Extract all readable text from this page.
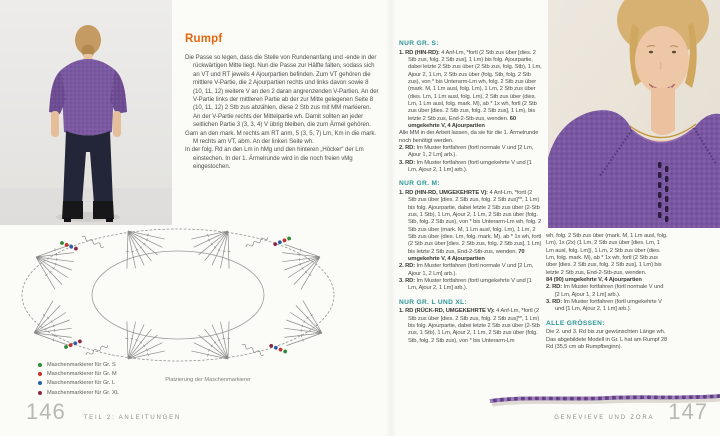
Rumpf

Die Passe so legen, dass die Stelle von Rundenanfang und -ende in der rückwärtigen Mitte liegt. Nun die Passe zur Hälfte falten, sodass sich an VT und RT jeweils 4 Ajourpartien befinden. Zum VT gehören die mittlere V-Partie, die 2 Ajourpartien rechts und links davon sowie 8 (10, 11, 12) weitere V an den 2 daran angrenzenden V-Partien. An der V-Partie links der mittleren Partie ab der zur Mitte gelegenen Seite 8 (10, 11, 12) 2 Stb zus abzählen, diese 2 Stb zus mit MM markieren. An der V-Partie rechts der Mittelpartie wh. Damit sollten an jeder seitlichen Partie 3 (3, 3, 4) V übrig bleiben, die zum Ärmel gehören.

Garn an den mark. M rechts am RT anm, 5 (3, 5, 7) Lm, Km in die mark. M rechts am VT, abm. An der linken Seite wh.

In der folg. Rd an den Lm in hMg und den hinteren „Höcker“ der Lm einstechen. In der 1. Ärmelrunde wird in die noch freien vMg eingestochen.

Maschenmarkierer für Gr. S
Maschenmarkierer für Gr. M
Maschenmarkierer für Gr. L
Maschenmarkierer für Gr. XL
Platzierung der Maschenmarkierer
146	TEIL 2: ANLEITUNGEN
NUR GR. S:

1. RD (HIN-RD): 4 Anf-Lm, *fortl (2 Stb zus über [dies. 2 Stb zus, folg. 2 Stb zus], 1 Lm) bis folg. Ajourpartie, dabei letzte 2 Stb zus über (2 Stb zus, folg. Stb), 1 Lm, Ajour 2, 1 Lm, 2 Stb zus über (folg. Stb, folg. 2 Stb zus), von * bis Unterarm-Lm wh, folg. 2 Stb zus über (mark. M, 1 Lm ausl, folg. Lm), 1 Lm, 2 Stb zus über (dies. Lm, 1 Lm ausl, folg. Lm), 2 Stb zus über (dies. Lm, 1 Lm ausl, folg. mark. M), ab * 1x wh, fortl (2 Stb zus über [dies. 2 Stb zus, folg. 2 Stb zus], 1 Lm), bis letzte 2 Stb zus, End-2-Stb-zus, wenden. 60 umgekehrte V, 4 Ajourpartien

Alle MM in der Arbeit lassen, da sie für die 1. Ärmelrunde noch benötigt werden.

2. RD: Im Muster fortfahren (fortl normale V und [2 Lm, Ajour 1, 2 Lm] arb.).

3. RD: Im Muster fortfahren (fortl umgekehrte V und [1 Lm, Ajour 2, 1 Lm] arb.).

NUR GR. M:

1. RD (HIN-RD, UMGEKEHRTE V): 4 Anf-Lm, *fortl (2 Stb zus über [dies. 2 Stb zus, folg. 2 Stb zus]**, 1 Lm) bis folg. Ajourpartie, dabei letzte 2 Stb zus über (2-Stb zus, 1 Stb), 1 Lm, Ajour 2, 1 Lm, 2 Stb zus über (folg. Stb, folg. 2 Stb zus), von * bis Unterarm-Lm wh, folg. 2 Stb zus über (mark. M, 1 Lm ausl, folg. Lm), 1 Lm, 2 Stb zus über (dies. Lm, folg. mark. M), ab * 1x wh, fortl (2 Stb zus über [dies. 2 Stb zus, folg. 2 Stb zus], 1 Lm) bis letzte 2 Stb zus, End-2-Stb-zus, wenden. 70 umgekehrte V, 4 Ajourpartien

2. RD: Im Muster fortfahren (fortl normale V und [2 Lm, Ajour 1, 2 Lm] arb.).

3. RD: Im Muster fortfahren (fortl umgekehrte V und [1 Lm, Ajour 2, 1 Lm] arb.).

NUR GR. L UND XL:

1. RD (RÜCK-RD, UMGEKEHRTE V): 4 Anf-Lm, *fortl (2 Stb zus über [dies. 2 Stb zus, folg. 2 Stb zus]**, 1 Lm) bis folg. Ajourpartie, dabei letzte 2 Stb zus über (2-Stb zus, 1 Stb), 1 Lm, Ajour 2, 1 Lm, 2 Stb zus über (folg. Stb, folg. 2 Stb zus), von * bis Unterarm-Lm

wh, folg. 2 Stb zus über (mark. M, 1 Lm ausl, folg. Lm), 1x (2x) (1 Lm, 2 Stb zus über [dies. Lm, 1 Lm ausl, folg. Lm]), 1 Lm, 2 Stb zus über (dies. Lm, folg. mark. M), ab * 1x wh, fortl (2 Stb zus über [dies. 2 Stb zus, folg. 2 Stb zus], 1 Lm) bis letzte 2 Stb zus, End-2-Stb-zus, wenden.

84 (90) umgekehrte V, 4 Ajourpartien

2. RD: Im Muster fortfahren (fortl normale V und [2 Lm, Ajour 1, 2 Lm] arb.).

3. RD: Im Muster fortfahren (fortl umgekehrte V und [1 Lm, Ajour 2, 1 Lm] arb.).

ALLE GRÖSSEN:

Die 2. und 3. Rd bis zur gewünschten Länge wh. Das abgebildete Modell in Gr. L hat am Rumpf 28 Rd (35,5 cm ab Rumpfbeginn).

GENEVIEVE UND ZORA 147
